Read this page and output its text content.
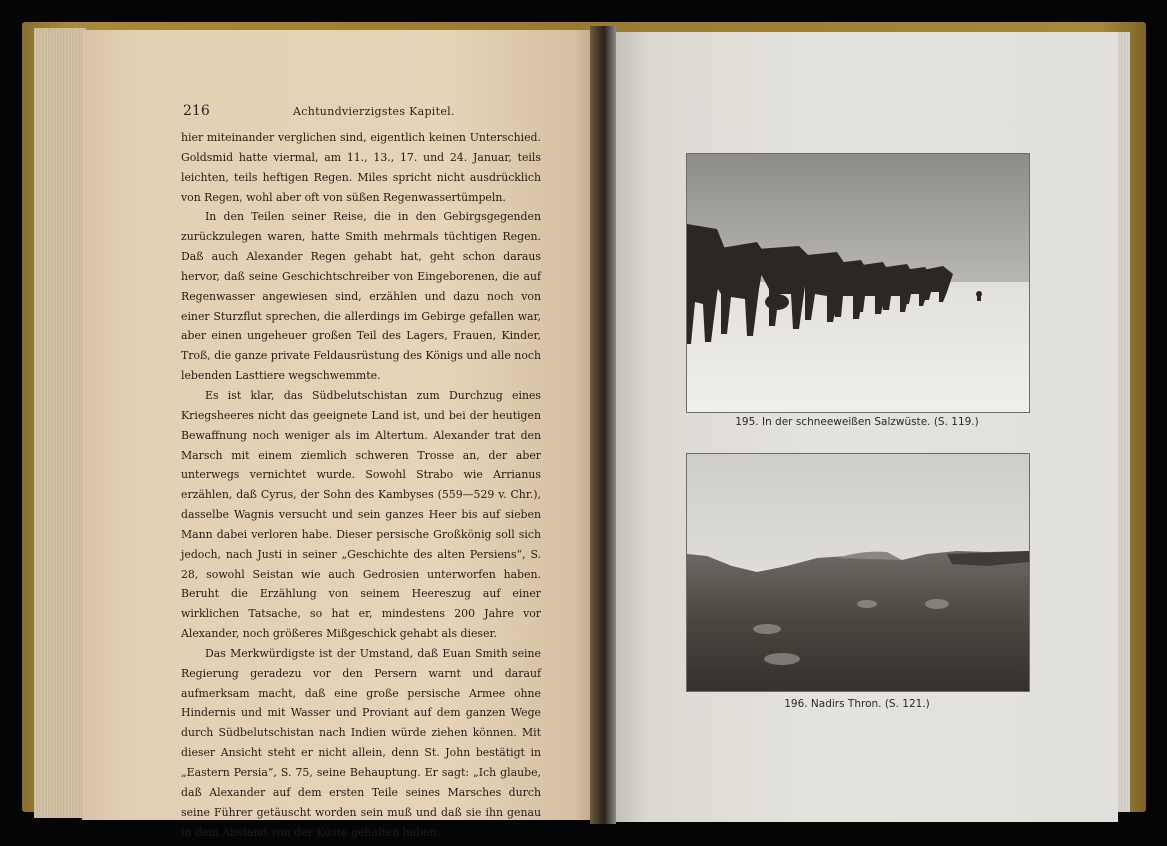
216	Achtundvierzigstes Kapitel.

hier miteinander verglichen sind, eigentlich keinen Unterschied. Goldsmid hatte viermal, am 11., 13., 17. und 24. Januar, teils leichten, teils heftigen Regen. Miles spricht nicht ausdrücklich von Regen, wohl aber oft von süßen Regenwassertümpeln.

In den Teilen seiner Reise, die in den Gebirgsgegenden zurückzulegen waren, hatte Smith mehrmals tüchtigen Regen. Daß auch Alexander Regen gehabt hat, geht schon daraus hervor, daß seine Geschichtschreiber von Eingeborenen, die auf Regenwasser angewiesen sind, erzählen und dazu noch von einer Sturzflut sprechen, die allerdings im Gebirge gefallen war, aber einen ungeheuer großen Teil des Lagers, Frauen, Kinder, Troß, die ganze private Feldausrüstung des Königs und alle noch lebenden Lasttiere wegschwemmte.

Es ist klar, das Südbelutschistan zum Durchzug eines Kriegsheeres nicht das geeignete Land ist, und bei der heutigen Bewaffnung noch weniger als im Altertum. Alexander trat den Marsch mit einem ziemlich schweren Trosse an, der aber unterwegs vernichtet wurde. Sowohl Strabo wie Arrianus erzählen, daß Cyrus, der Sohn des Kambyses (559—529 v. Chr.), dasselbe Wagnis versucht und sein ganzes Heer bis auf sieben Mann dabei verloren habe. Dieser persische Großkönig soll sich jedoch, nach Justi in seiner „Geschichte des alten Persiens“, S. 28, sowohl Seistan wie auch Gedrosien unterworfen haben. Beruht die Erzählung von seinem Heereszug auf einer wirklichen Tatsache, so hat er, mindestens 200 Jahre vor Alexander, noch größeres Mißgeschick gehabt als dieser.

Das Merkwürdigste ist der Umstand, daß Euan Smith seine Regierung geradezu vor den Persern warnt und darauf aufmerksam macht, daß eine große persische Armee ohne Hindernis und mit Wasser und Proviant auf dem ganzen Wege durch Südbelutschistan nach Indien würde ziehen können. Mit dieser Ansicht steht er nicht allein, denn St. John bestätigt in „Eastern Persia“, S. 75, seine Behauptung. Er sagt: „Ich glaube, daß Alexander auf dem ersten Teile seines Marsches durch seine Führer getäuscht worden sein muß und daß sie ihn genau in dem Abstand von der Küste gehalten haben,

195. In der schneeweißen Salzwüste. (S. 119.)
196. Nadirs Thron. (S. 121.)
